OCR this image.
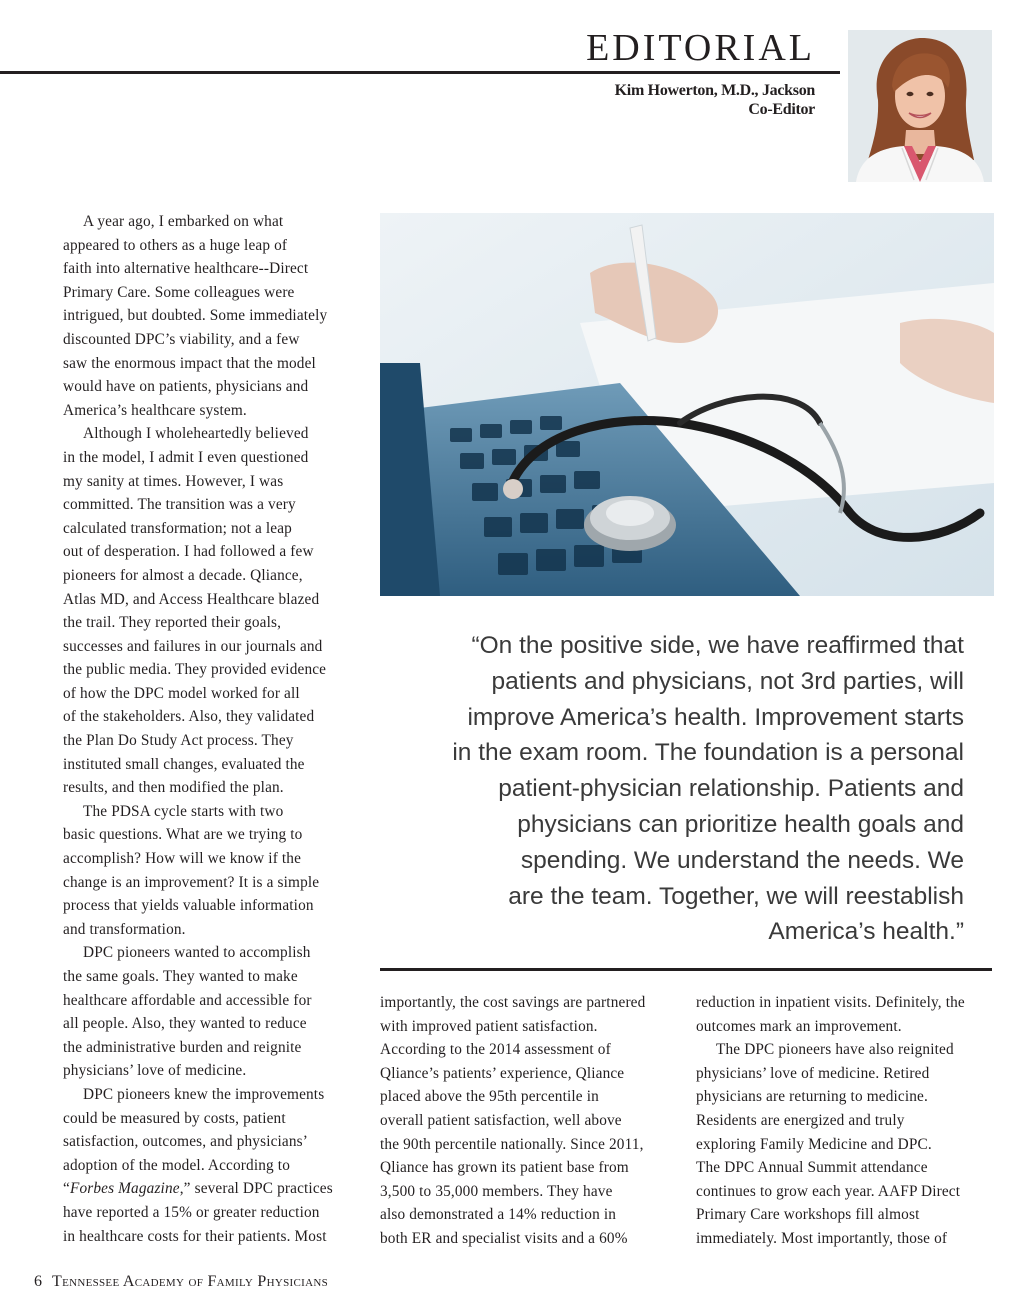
EDITORIAL
Kim Howerton, M.D., Jackson
Co-Editor

A year ago, I embarked on what

appeared to others as a huge leap of

faith into alternative healthcare--Direct

Primary Care. Some colleagues were

intrigued, but doubted. Some immediately

discounted DPC’s viability, and a few

saw the enormous impact that the model

would have on patients, physicians and

America’s healthcare system.

Although I wholeheartedly believed

in the model, I admit I even questioned

my sanity at times. However, I was

committed. The transition was a very

calculated transformation; not a leap

out of desperation. I had followed a few

pioneers for almost a decade. Qliance,

Atlas MD, and Access Healthcare blazed

the trail. They reported their goals,

successes and failures in our journals and

the public media. They provided evidence

of how the DPC model worked for all

of the stakeholders. Also, they validated

the Plan Do Study Act process. They

instituted small changes, evaluated the

results, and then modified the plan.

The PDSA cycle starts with two

basic questions. What are we trying to

accomplish? How will we know if the

change is an improvement? It is a simple

process that yields valuable information

and transformation.

DPC pioneers wanted to accomplish

the same goals. They wanted to make

healthcare affordable and accessible for

all people. Also, they wanted to reduce

the administrative burden and reignite

physicians’ love of medicine.

DPC pioneers knew the improvements

could be measured by costs, patient

satisfaction, outcomes, and physicians’

adoption of the model. According to

“Forbes Magazine,” several DPC practices

have reported a 15% or greater reduction

in healthcare costs for their patients. Most

“On the positive side, we have reaffirmed that
patients and physicians, not 3rd parties, will
improve America’s health. Improvement starts
in the exam room. The foundation is a personal
patient-physician relationship. Patients and
physicians can prioritize health goals and
spending. We understand the needs. We
are the team. Together, we will reestablish
America’s health.”

importantly, the cost savings are partnered

with improved patient satisfaction.

According to the 2014 assessment of

Qliance’s patients’ experience, Qliance

placed above the 95th percentile in

overall patient satisfaction, well above

the 90th percentile nationally. Since 2011,

Qliance has grown its patient base from

3,500 to 35,000 members. They have

also demonstrated a 14% reduction in

both ER and specialist visits and a 60%

reduction in inpatient visits. Definitely, the

outcomes mark an improvement.

The DPC pioneers have also reignited

physicians’ love of medicine. Retired

physicians are returning to medicine.

Residents are energized and truly

exploring Family Medicine and DPC.

The DPC Annual Summit attendance

continues to grow each year. AAFP Direct

Primary Care workshops fill almost

immediately. Most importantly, those of

6 Tennessee Academy of Family Physicians
